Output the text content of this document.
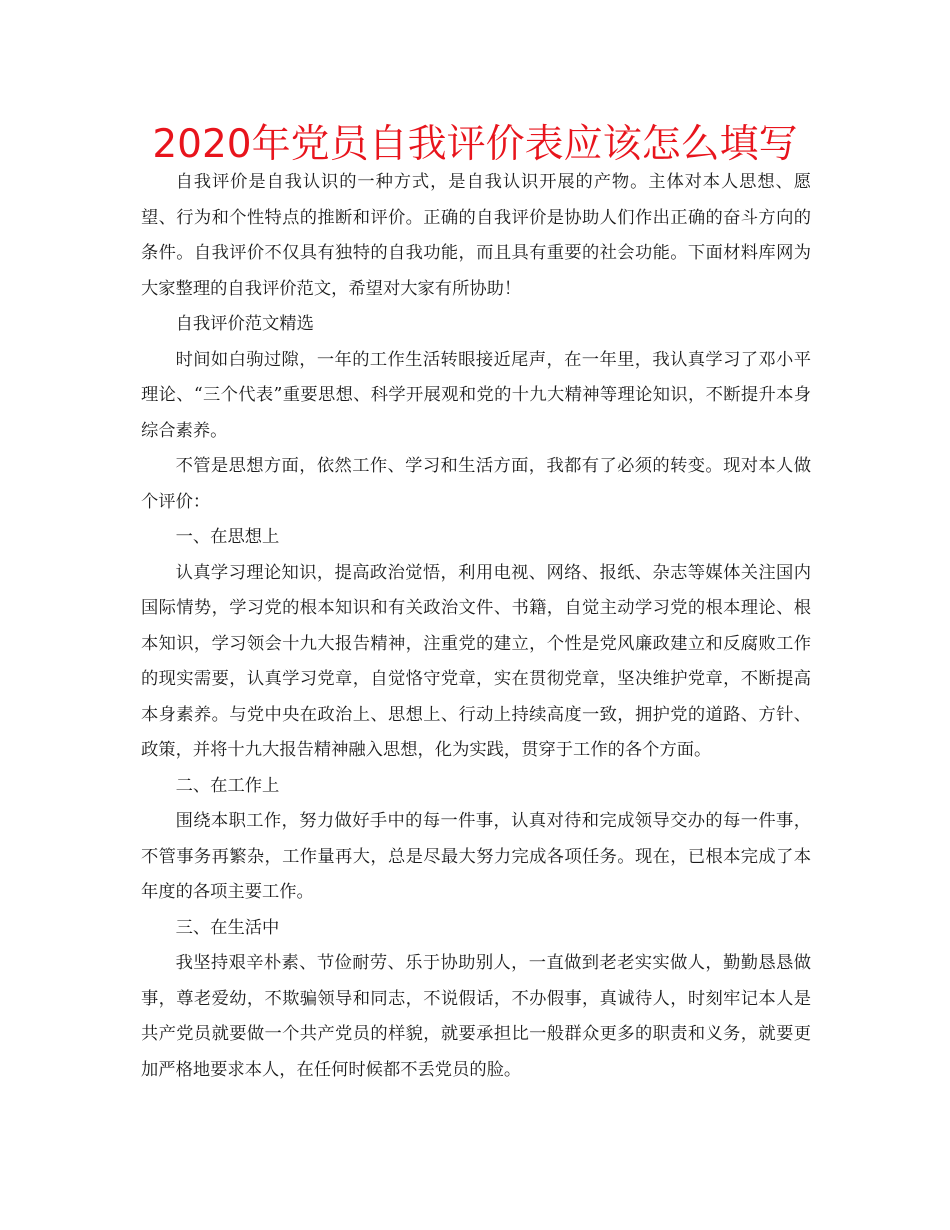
2020年党员自我评价表应该怎么填写

自我评价是自我认识的一种方式，是自我认识开展的产物。主体对本人思想、愿望、行为和个性特点的推断和评价。正确的自我评价是协助人们作出正确的奋斗方向的条件。自我评价不仅具有独特的自我功能，而且具有重要的社会功能。下面材料库网为大家整理的自我评价范文，希望对大家有所协助！

自我评价范文精选

时间如白驹过隙，一年的工作生活转眼接近尾声，在一年里，我认真学习了邓小平理论、“三个代表”重要思想、科学开展观和党的十九大精神等理论知识，不断提升本身综合素养。

不管是思想方面，依然工作、学习和生活方面，我都有了必须的转变。现对本人做个评价：

一、在思想上

认真学习理论知识，提高政治觉悟，利用电视、网络、报纸、杂志等媒体关注国内国际情势，学习党的根本知识和有关政治文件、书籍，自觉主动学习党的根本理论、根本知识，学习领会十九大报告精神，注重党的建立，个性是党风廉政建立和反腐败工作的现实需要，认真学习党章，自觉恪守党章，实在贯彻党章，坚决维护党章，不断提高本身素养。与党中央在政治上、思想上、行动上持续高度一致，拥护党的道路、方针、政策，并将十九大报告精神融入思想，化为实践，贯穿于工作的各个方面。

二、在工作上

围绕本职工作，努力做好手中的每一件事，认真对待和完成领导交办的每一件事，不管事务再繁杂，工作量再大，总是尽最大努力完成各项任务。现在，已根本完成了本年度的各项主要工作。

三、在生活中

我坚持艰辛朴素、节俭耐劳、乐于协助别人，一直做到老老实实做人，勤勤恳恳做事，尊老爱幼，不欺骗领导和同志，不说假话，不办假事，真诚待人，时刻牢记本人是共产党员就要做一个共产党员的样貌，就要承担比一般群众更多的职责和义务，就要更加严格地要求本人，在任何时候都不丢党员的脸。
